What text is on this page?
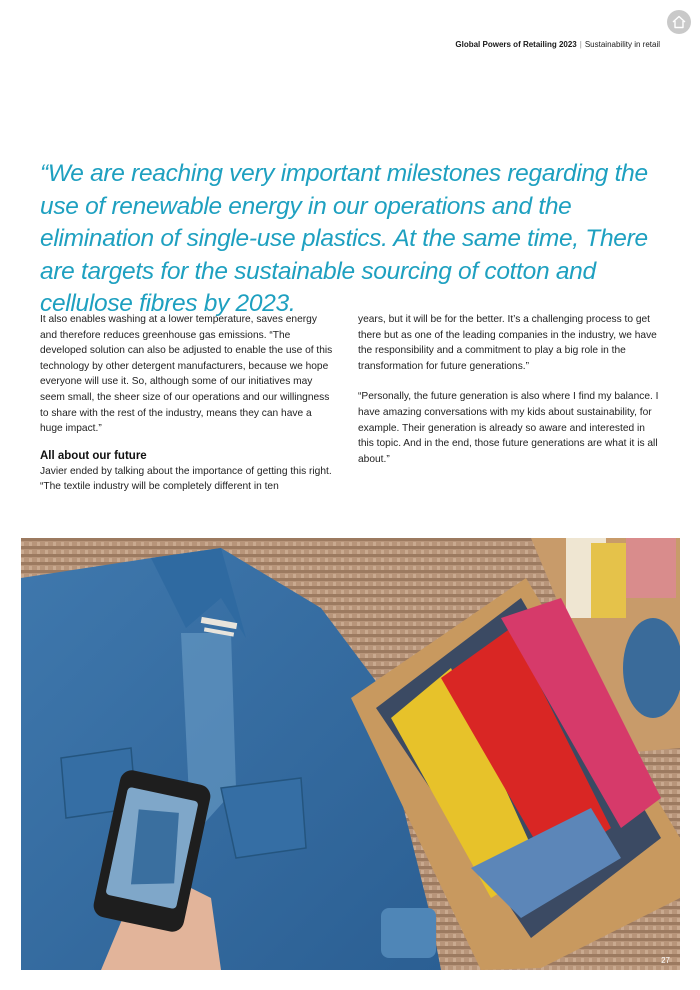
Global Powers of Retailing 2023 | Sustainability in retail
“We are reaching very important milestones regarding the use of renewable energy in our operations and the elimination of single-use plastics. At the same time, There are targets for the sustainable sourcing of cotton and cellulose fibres by 2023.

It also enables washing at a lower temperature, saves energy and therefore reduces greenhouse gas emissions. “The developed solution can also be adjusted to enable the use of this technology by other detergent manufacturers, because we hope everyone will use it. So, although some of our initiatives may seem small, the sheer size of our operations and our willingness to share with the rest of the industry, means they can have a huge impact.”

All about our future

Javier ended by talking about the importance of getting this right. “The textile industry will be completely different in ten

years, but it will be for the better. It’s a challenging process to get there but as one of the leading companies in the industry, we have the responsibility and a commitment to play a big role in the transformation for future generations.”

“Personally, the future generation is also where I find my balance. I have amazing conversations with my kids about sustainability, for example. Their generation is already so aware and interested in this topic. And in the end, those future generations are what it is all about.”

27
